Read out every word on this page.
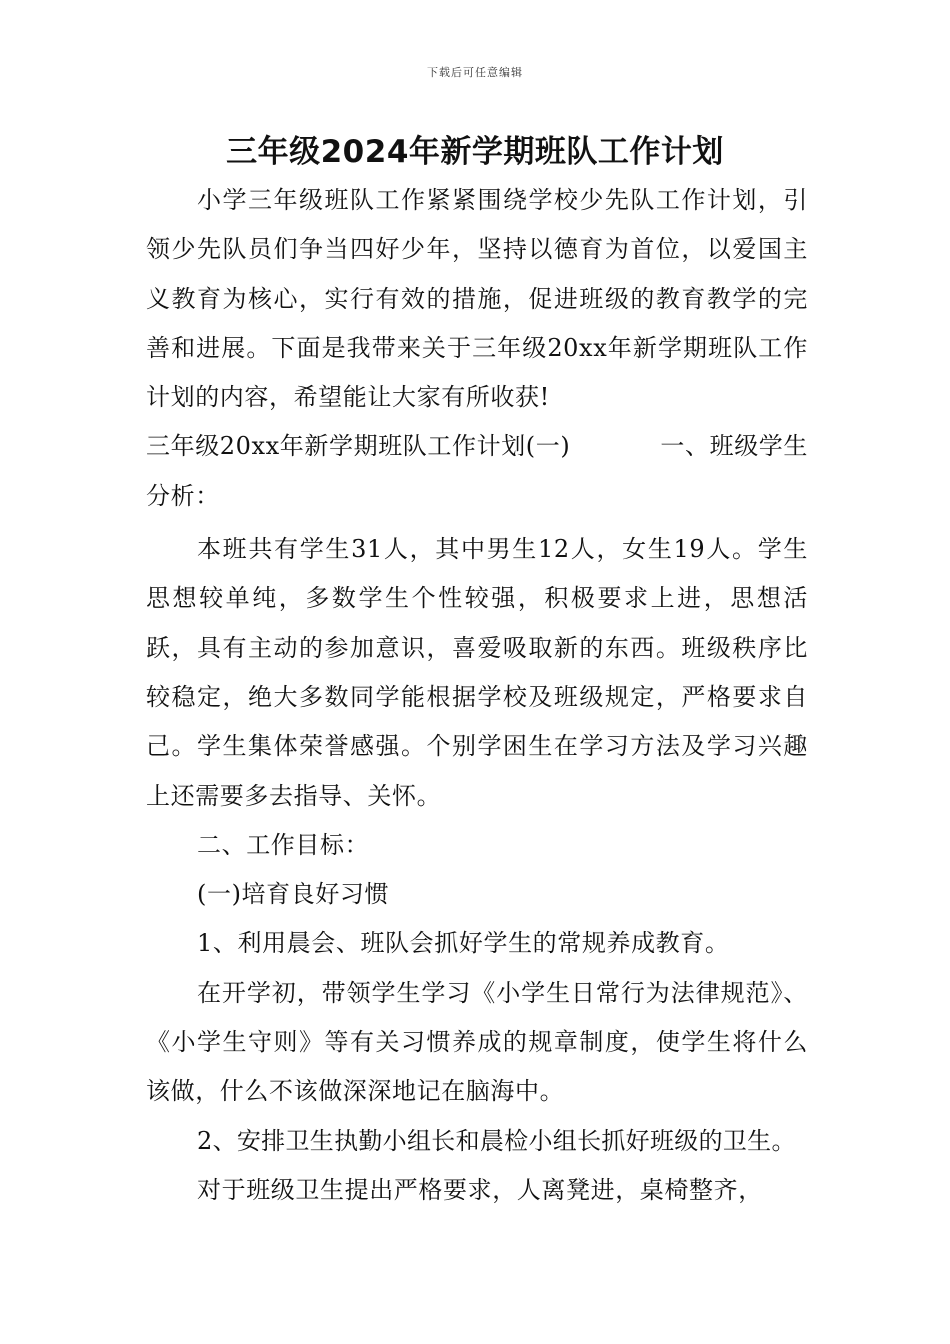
下载后可任意编辑
三年级2024年新学期班队工作计划

小学三年级班队工作紧紧围绕学校少先队工作计划，引领少先队员们争当四好少年，坚持以德育为首位，以爱国主义教育为核心，实行有效的措施，促进班级的教育教学的完善和进展。下面是我带来关于三年级20xx年新学期班队工作计划的内容，希望能让大家有所收获!

三年级20xx年新学期班队工作计划(一)	一、班级学生

分析：

本班共有学生31人，其中男生12人，女生19人。学生思想较单纯，多数学生个性较强，积极要求上进，思想活跃，具有主动的参加意识，喜爱吸取新的东西。班级秩序比较稳定，绝大多数同学能根据学校及班级规定，严格要求自己。学生集体荣誉感强。个别学困生在学习方法及学习兴趣上还需要多去指导、关怀。

二、工作目标：

(一)培育良好习惯

1、利用晨会、班队会抓好学生的常规养成教育。

在开学初，带领学生学习《小学生日常行为法律规范》、《小学生守则》等有关习惯养成的规章制度，使学生将什么该做，什么不该做深深地记在脑海中。

2、安排卫生执勤小组长和晨检小组长抓好班级的卫生。

对于班级卫生提出严格要求，人离凳进，桌椅整齐，
